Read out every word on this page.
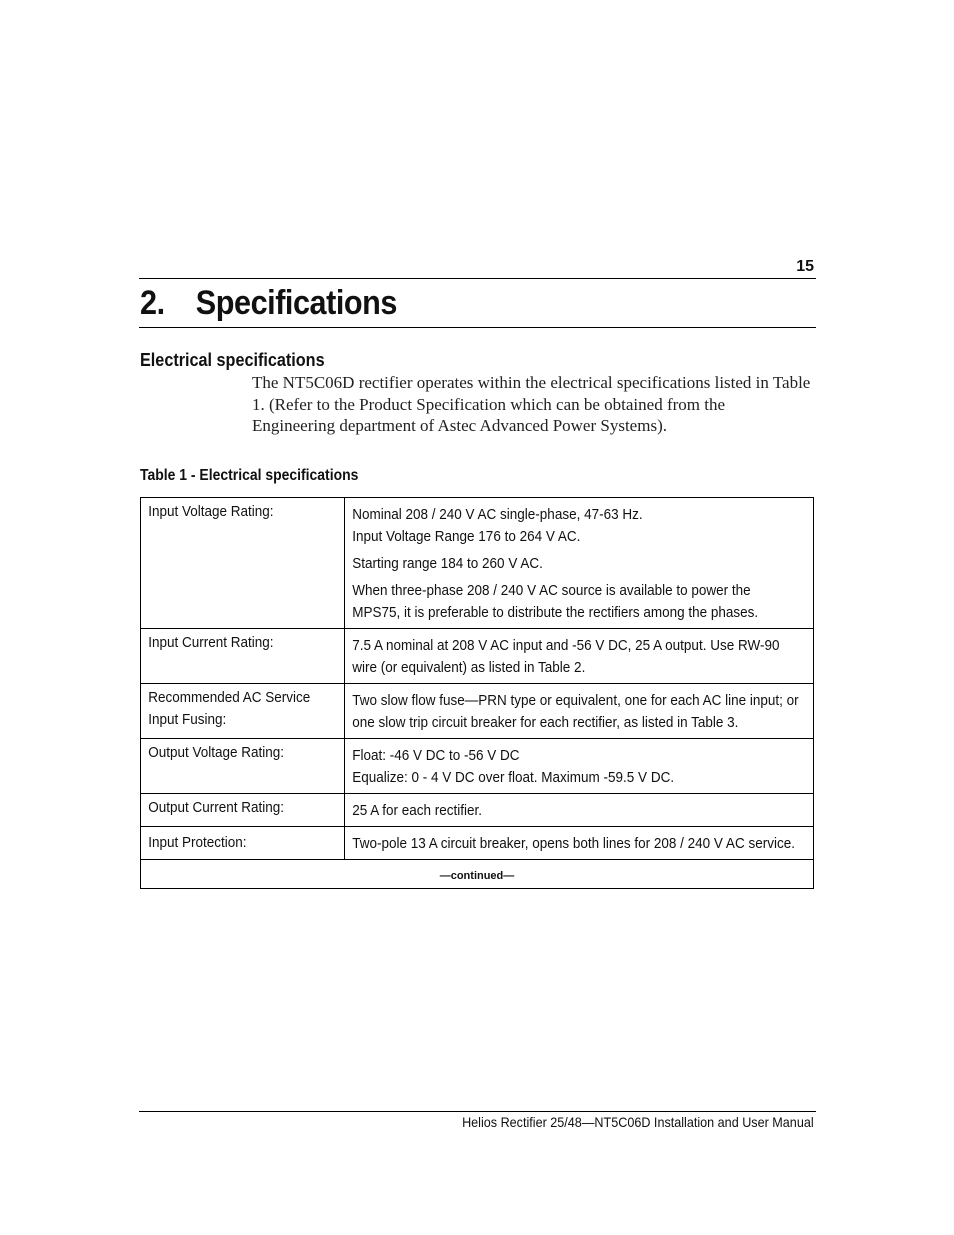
15
2. Specifications
Electrical specifications

The NT5C06D rectifier operates within the electrical specifications listed in Table 1. (Refer to the Product Specification which can be obtained from the Engineering department of Astec Advanced Power Systems).

Table 1 - Electrical specifications
Input Voltage Rating:	Nominal 208 / 240 V AC single-phase, 47-63 Hz.
Input Voltage Range 176 to 264 V AC.

Starting range 184 to 260 V AC.

When three-phase 208 / 240 V AC source is available to power the MPS75, it is preferable to distribute the rectifiers among the phases.

Input Current Rating:	7.5 A nominal at 208 V AC input and -56 V DC, 25 A output. Use RW-90 wire (or equivalent) as listed in Table 2.

Recommended AC Service Input Fusing:	Two slow flow fuse—PRN type or equivalent, one for each AC line input; or one slow trip circuit breaker for each rectifier, as listed in Table 3.

Output Voltage Rating:	Float: -46 V DC to -56 V DC
Equalize: 0 - 4 V DC over float. Maximum -59.5 V DC.

Output Current Rating:	25 A for each rectifier.

Input Protection:	Two-pole 13 A circuit breaker, opens both lines for 208 / 240 V AC service.

—continued—	
Helios Rectifier 25/48—NT5C06D Installation and User Manual
